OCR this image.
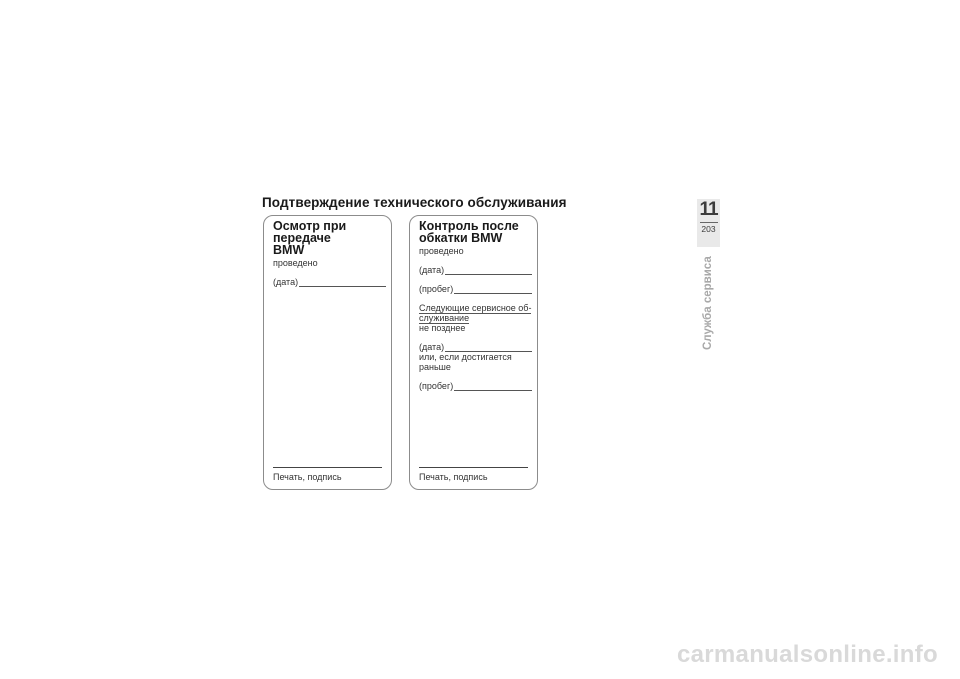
Подтверждение технического обслуживания
Осмотр при передаче
BMW
проведено
(дата)
Печать, подпись
Контроль после
обкатки BMW
проведено
(дата)
(пробег)
Следующие сервисное об-
служивание
не позднее
(дата)
или, если достигается
раньше
(пробег)
Печать, подпись
11
203
Служба сервиса
carmanualsonline.info
